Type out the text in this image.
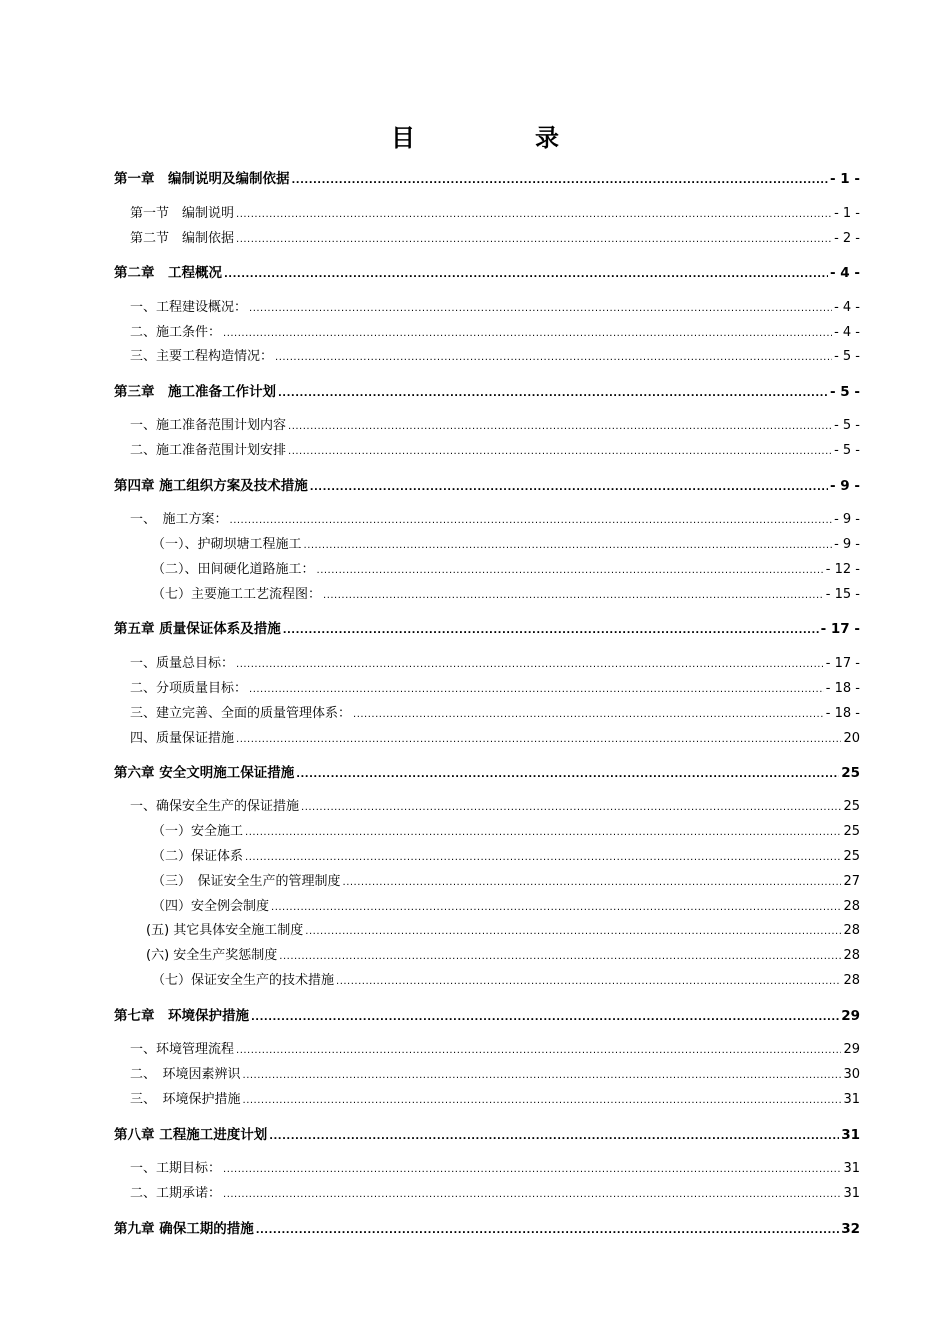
目	录
第一章　编制说明及编制依据 .....	- 1 -
第一节　编制说明 .....	- 1 -
第二节　编制依据 .....	- 2 -
第二章　工程概况 .....	- 4 -
一、工程建设概况： .....	- 4 -
二、施工条件： .....	- 4 -
三、主要工程构造情况： .....	- 5 -
第三章　施工准备工作计划 .....	- 5 -
一、施工准备范围计划内容 .....	- 5 -
二、施工准备范围计划安排 .....	- 5 -
第四章 施工组织方案及技术措施 .....	- 9 -
一、　施工方案： .....	- 9 -
（一）、护砌坝塘工程施工 .....	- 9 -
（二）、田间硬化道路施工： .....	- 12 -
（七）主要施工工艺流程图： .....	- 15 -
第五章 质量保证体系及措施 .....	- 17 -
一、质量总目标： .....	- 17 -
二、分项质量目标： .....	- 18 -
三、建立完善、全面的质量管理体系： .....	- 18 -
四、质量保证措施 .....	20
第六章 安全文明施工保证措施 .....	25
一、确保安全生产的保证措施 .....	25
（一）安全施工 .....	25
（二）保证体系 .....	25
（三）　保证安全生产的管理制度 .....	27
（四）安全例会制度 .....	28
(五) 其它具体安全施工制度 .....	28
(六) 安全生产奖惩制度 .....	28
（七）保证安全生产的技术措施 .....	28
第七章　环境保护措施 .....	29
一、环境管理流程 .....	29
二、　环境因素辨识 .....	30
三、　环境保护措施 .....	31
第八章 工程施工进度计划 .....	31
一、工期目标： .....	31
二、工期承诺： .....	31
第九章 确保工期的措施 .....	32
